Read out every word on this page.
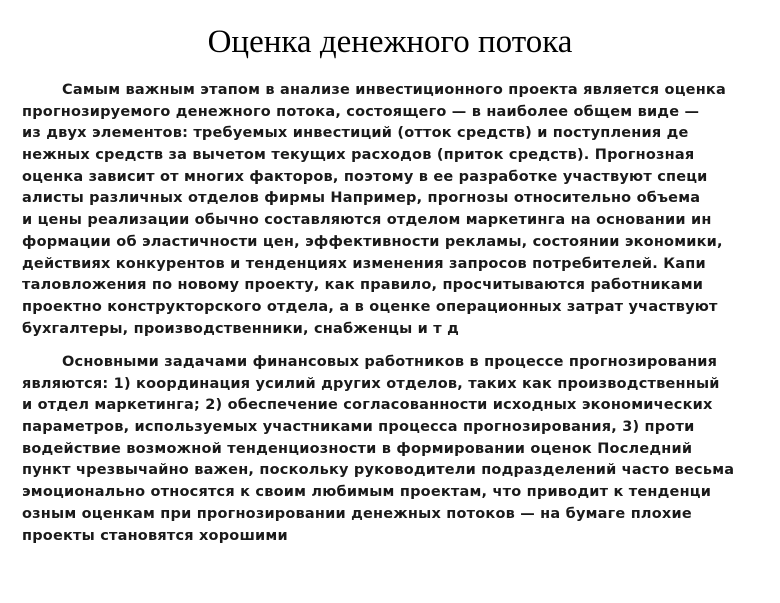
Оценка денежного потока
Самым важным этапом в анализе инвестиционного проекта является оценка
прогнозируемого денежного потока, состоящего — в наиболее общем виде —
из двух элементов: требуемых инвестиций (отток средств) и поступления де
нежных средств за вычетом текущих расходов (приток средств). Прогнозная
оценка зависит от многих факторов, поэтому в ее разработке участвуют специ
алисты различных отделов фирмы Например, прогнозы относительно объема
и цены реализации обычно составляются отделом маркетинга на основании ин
формации об эластичности цен, эффективности рекламы, состоянии экономики,
действиях конкурентов и тенденциях изменения запросов потребителей. Капи
таловложения по новому проекту, как правило, просчитываются работниками
проектно конструкторского отдела, а в оценке операционных затрат участвуют
бухгалтеры, производственники, снабженцы и т д
Основными задачами финансовых работников в процессе прогнозирования
являются: 1) координация усилий других отделов, таких как производственный
и отдел маркетинга; 2) обеспечение согласованности исходных экономических
параметров, используемых участниками процесса прогнозирования, 3) проти
водействие возможной тенденциозности в формировании оценок Последний
пункт чрезвычайно важен, поскольку руководители подразделений часто весьма
эмоционально относятся к своим любимым проектам, что приводит к тенденци
озным оценкам при прогнозировании денежных потоков — на бумаге плохие
проекты становятся хорошими
